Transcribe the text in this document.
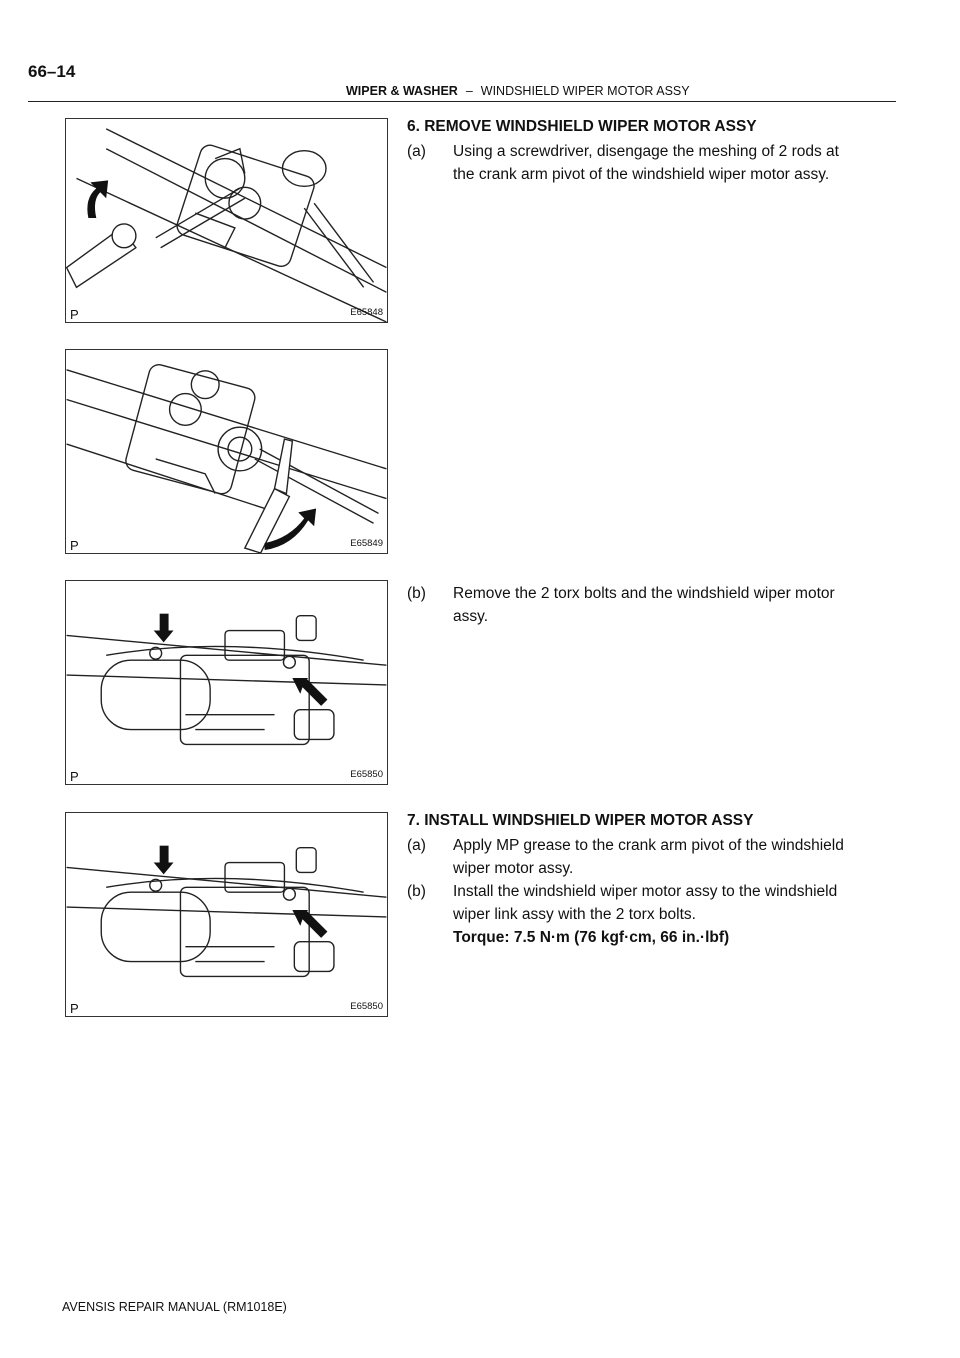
66–14
WIPER & WASHER – WINDSHIELD WIPER MOTOR ASSY
P	E65848
P	E65849
P	E65850
P	E65850
6. REMOVE WINDSHIELD WIPER MOTOR ASSY
(a)	Using a screwdriver, disengage the meshing of 2 rods at
the crank arm pivot of the windshield wiper motor assy.
(b)	Remove the 2 torx bolts and the windshield wiper motor
assy.
7. INSTALL WINDSHIELD WIPER MOTOR ASSY
(a)	Apply MP grease to the crank arm pivot of the windshield
wiper motor assy.
(b)	Install the windshield wiper motor assy to the windshield
wiper link assy with the 2 torx bolts.
Torque: 7.5 N·m (76 kgf·cm, 66 in.·lbf)
AVENSIS REPAIR MANUAL (RM1018E)
